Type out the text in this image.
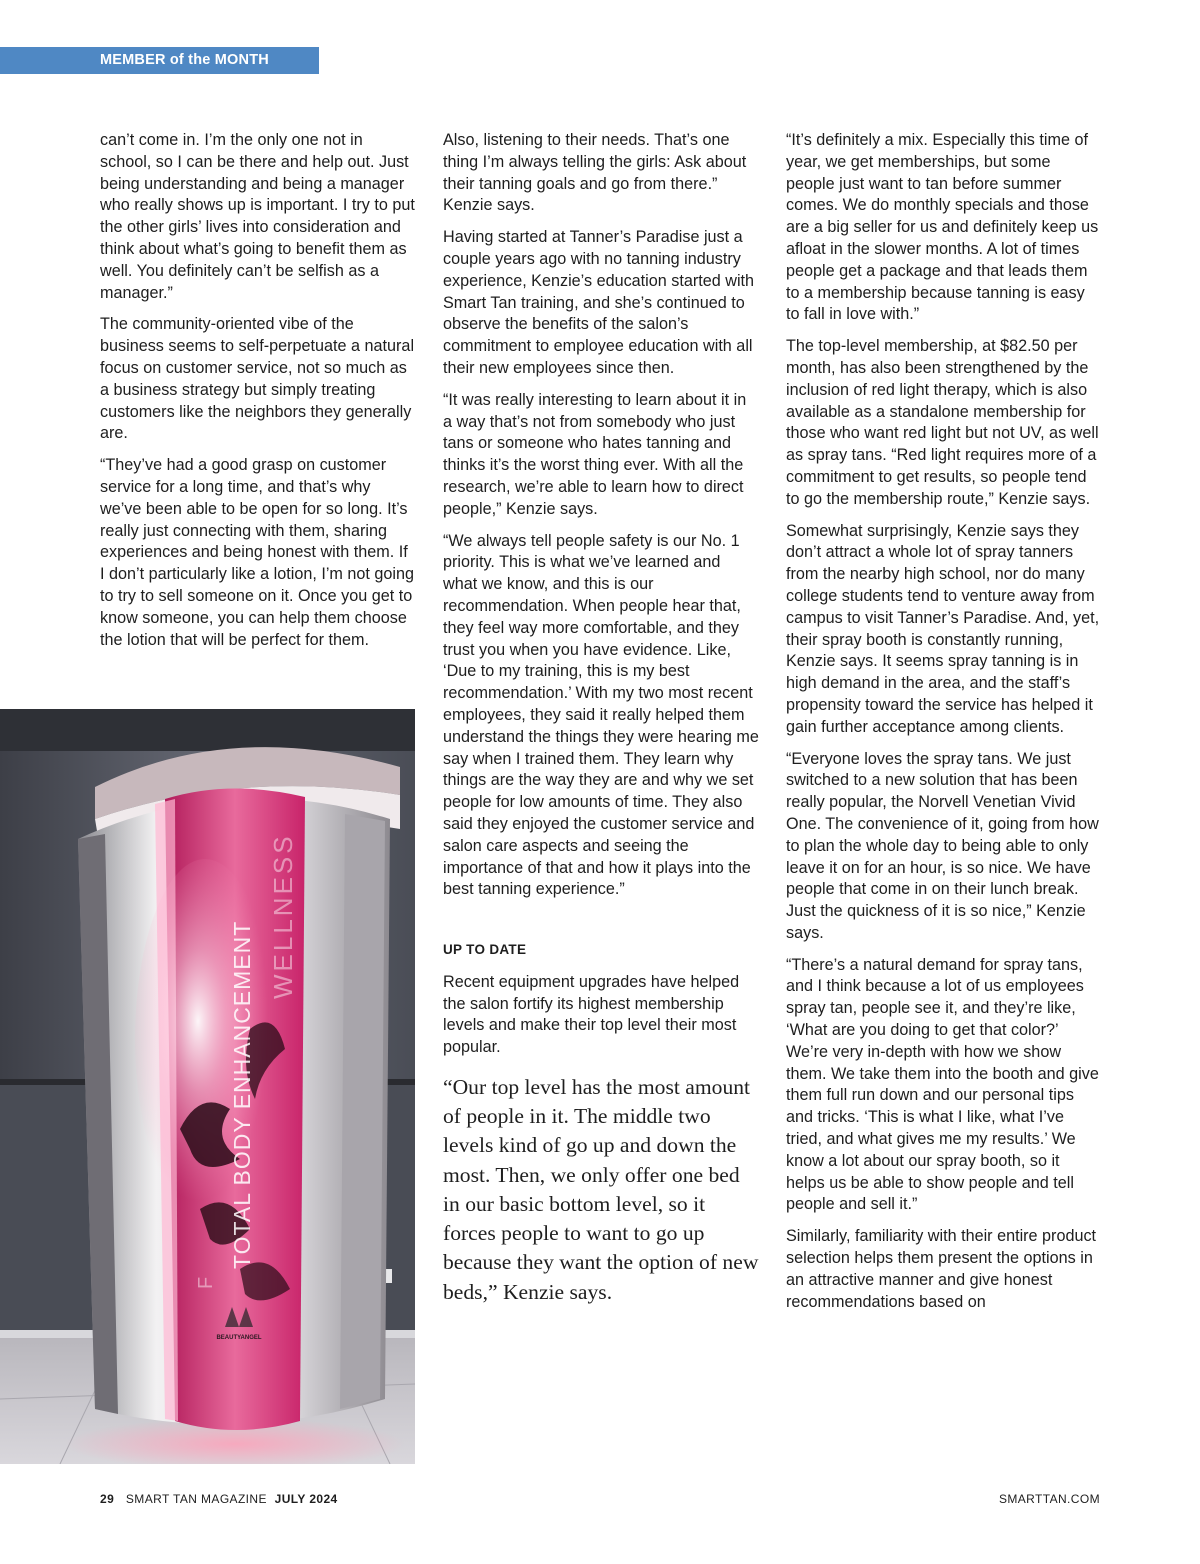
MEMBER of the MONTH

can’t come in. I’m the only one not in school, so I can be there and help out. Just being understanding and being a manager who really shows up is important. I try to put the other girls’ lives into consideration and think about what’s going to benefit them as well. You definitely can’t be selfish as a manager.”

The community-oriented vibe of the business seems to self-perpetuate a natural focus on customer service, not so much as a business strategy but simply treating customers like the neighbors they generally are.

“They’ve had a good grasp on customer service for a long time, and that’s why we’ve been able to be open for so long. It’s really just connecting with them, sharing experiences and being honest with them. If I don’t particularly like a lotion, I’m not going to try to sell someone on it. Once you get to know someone, you can help them choose the lotion that will be perfect for them.

TOTAL BODY ENHANCEMENT
WELLNESS
F
BEAUTYANGEL

Also, listening to their needs. That’s one thing I’m always telling the girls: Ask about their tanning goals and go from there.” Kenzie says.

Having started at Tanner’s Paradise just a couple years ago with no tanning industry experience, Kenzie’s education started with Smart Tan training, and she’s continued to observe the benefits of the salon’s commitment to employee education with all their new employees since then.

“It was really interesting to learn about it in a way that’s not from somebody who just tans or someone who hates tanning and thinks it’s the worst thing ever. With all the research, we’re able to learn how to direct people,” Kenzie says.

“We always tell people safety is our No. 1 priority. This is what we’ve learned and what we know, and this is our recommendation. When people hear that, they feel way more comfortable, and they trust you when you have evidence. Like, ‘Due to my training, this is my best recommendation.’ With my two most recent employees, they said it really helped them understand the things they were hearing me say when I trained them. They learn why things are the way they are and why we set people for low amounts of time. They also said they enjoyed the customer service and salon care aspects and seeing the importance of that and how it plays into the best tanning experience.”

UP TO DATE

Recent equipment upgrades have helped the salon fortify its highest membership levels and make their top level their most popular.

“Our top level has the most amount of people in it. The middle two levels kind of go up and down the most. Then, we only offer one bed in our basic bottom level, so it forces people to want to go up because they want the option of new beds,” Kenzie says.

“It’s definitely a mix. Especially this time of year, we get memberships, but some people just want to tan before summer comes. We do monthly specials and those are a big seller for us and definitely keep us afloat in the slower months. A lot of times people get a package and that leads them to a membership because tanning is easy to fall in love with.”

The top-level membership, at $82.50 per month, has also been strengthened by the inclusion of red light therapy, which is also available as a standalone membership for those who want red light but not UV, as well as spray tans. “Red light requires more of a commitment to get results, so people tend to go the membership route,” Kenzie says.

Somewhat surprisingly, Kenzie says they don’t attract a whole lot of spray tanners from the nearby high school, nor do many college students tend to venture away from campus to visit Tanner’s Paradise. And, yet, their spray booth is constantly running, Kenzie says. It seems spray tanning is in high demand in the area, and the staff’s propensity toward the service has helped it gain further acceptance among clients.

“Everyone loves the spray tans. We just switched to a new solution that has been really popular, the Norvell Venetian Vivid One. The convenience of it, going from how to plan the whole day to being able to only leave it on for an hour, is so nice. We have people that come in on their lunch break. Just the quickness of it is so nice,” Kenzie says.

“There’s a natural demand for spray tans, and I think because a lot of us employees spray tan, people see it, and they’re like, ‘What are you doing to get that color?’ We’re very in-depth with how we show them. We take them into the booth and give them full run down and our personal tips and tricks. ‘This is what I like, what I’ve tried, and what gives me my results.’ We know a lot about our spray booth, so it helps us be able to show people and tell people and sell it.”

Similarly, familiarity with their entire product selection helps them present the options in an attractive manner and give honest recommendations based on

29 SMART TAN MAGAZINE JULY 2024	SMARTTAN.COM
